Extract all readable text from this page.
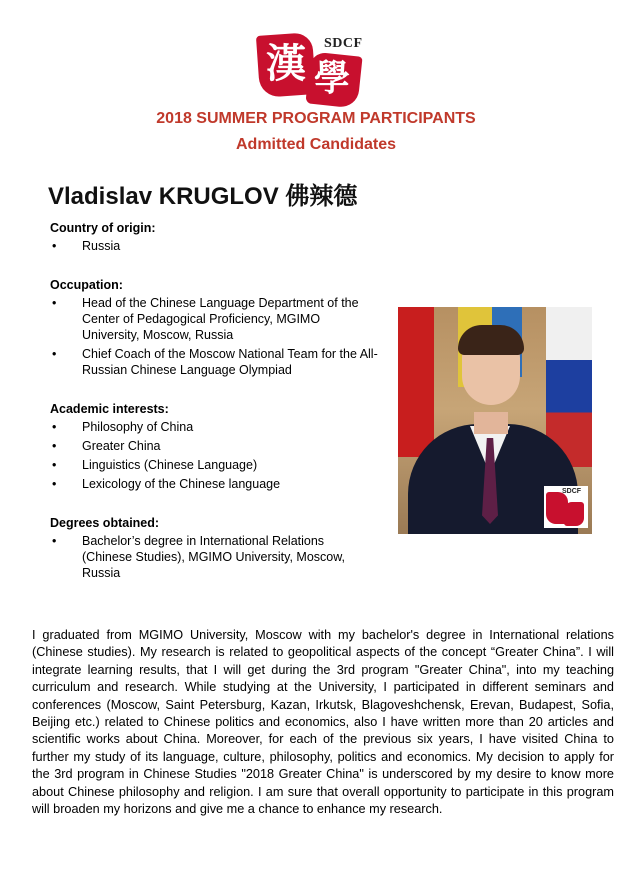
漢 學
SDCF
2018 SUMMER PROGRAM PARTICIPANTS
Admitted Candidates
Vladislav KRUGLOV 佛辣德
Country of origin:
• Russia
Occupation:
• Head of the Chinese Language Department of the Center of Pedagogical Proficiency, MGIMO University, Moscow, Russia
• Chief Coach of the Moscow National Team for the All-Russian Chinese Language Olympiad
Academic interests:
• Philosophy of China
• Greater China
• Linguistics (Chinese Language)
• Lexicology of the Chinese language
Degrees obtained:
• Bachelor’s degree in International Relations (Chinese Studies), MGIMO University, Moscow, Russia
SDCF
I graduated from MGIMO University, Moscow with my bachelor's degree in International relations (Chinese studies). My research is related to geopolitical aspects of the concept “Greater China”. I will integrate learning results, that I will get during the 3rd program "Greater China", into my teaching curriculum and research. While studying at the University, I participated in different seminars and conferences (Moscow, Saint Petersburg, Kazan, Irkutsk, Blagoveshchensk, Erevan, Budapest, Sofia, Beijing etc.) related to Chinese politics and economics, also I have written more than 20 articles and scientific works about China. Moreover, for each of the previous six years, I have visited China to further my study of its language, culture, philosophy, politics and economics. My decision to apply for the 3rd program in Chinese Studies "2018 Greater China" is underscored by my desire to know more about Chinese philosophy and religion. I am sure that overall opportunity to participate in this program will broaden my horizons and give me a chance to enhance my research.
